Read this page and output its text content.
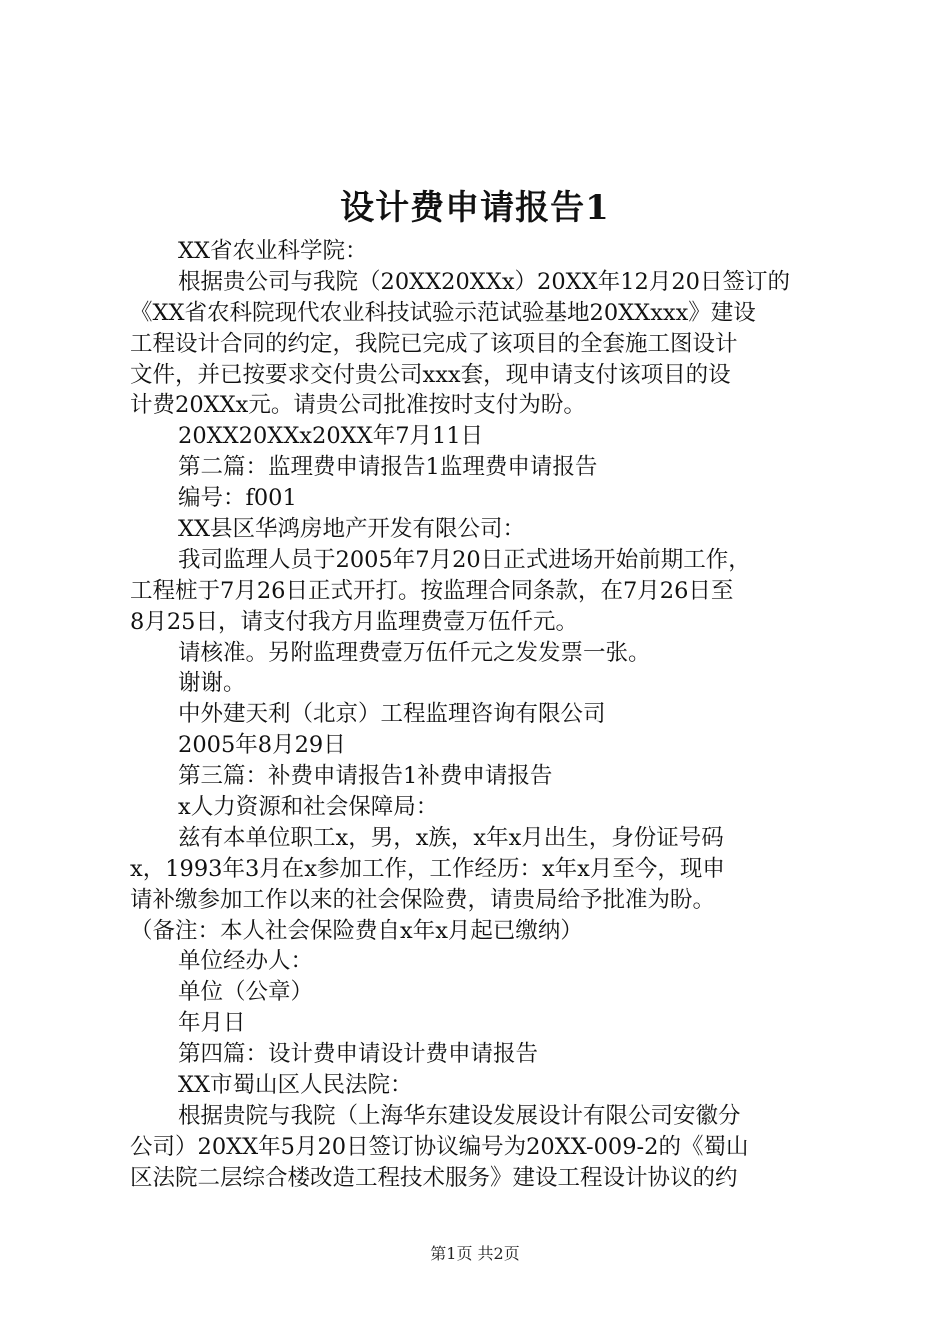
设计费申请报告1
XX省农业科学院：
根据贵公司与我院（20XX20XXx）20XX年12月20日签订的
《XX省农科院现代农业科技试验示范试验基地20XXxxx》建设
工程设计合同的约定，我院已完成了该项目的全套施工图设计
文件，并已按要求交付贵公司xxx套，现申请支付该项目的设
计费20XXx元。请贵公司批准按时支付为盼。
20XX20XXx20XX年7月11日
第二篇：监理费申请报告1监理费申请报告
编号：f001
XX县区华鸿房地产开发有限公司：
我司监理人员于2005年7月20日正式进场开始前期工作，
工程桩于7月26日正式开打。按监理合同条款，在7月26日至
8月25日，请支付我方月监理费壹万伍仟元。
请核准。另附监理费壹万伍仟元之发发票一张。
谢谢。
中外建天利（北京）工程监理咨询有限公司
2005年8月29日
第三篇：补费申请报告1补费申请报告
x人力资源和社会保障局：
兹有本单位职工x，男，x族，x年x月出生，身份证号码
x，1993年3月在x参加工作，工作经历：x年x月至今，现申
请补缴参加工作以来的社会保险费，请贵局给予批准为盼。
（备注：本人社会保险费自x年x月起已缴纳）
单位经办人：
单位（公章）
年月日
第四篇：设计费申请设计费申请报告
XX市蜀山区人民法院：
根据贵院与我院（上海华东建设发展设计有限公司安徽分
公司）20XX年5月20日签订协议编号为20XX-009-2的《蜀山
区法院二层综合楼改造工程技术服务》建设工程设计协议的约
第1页 共2页
